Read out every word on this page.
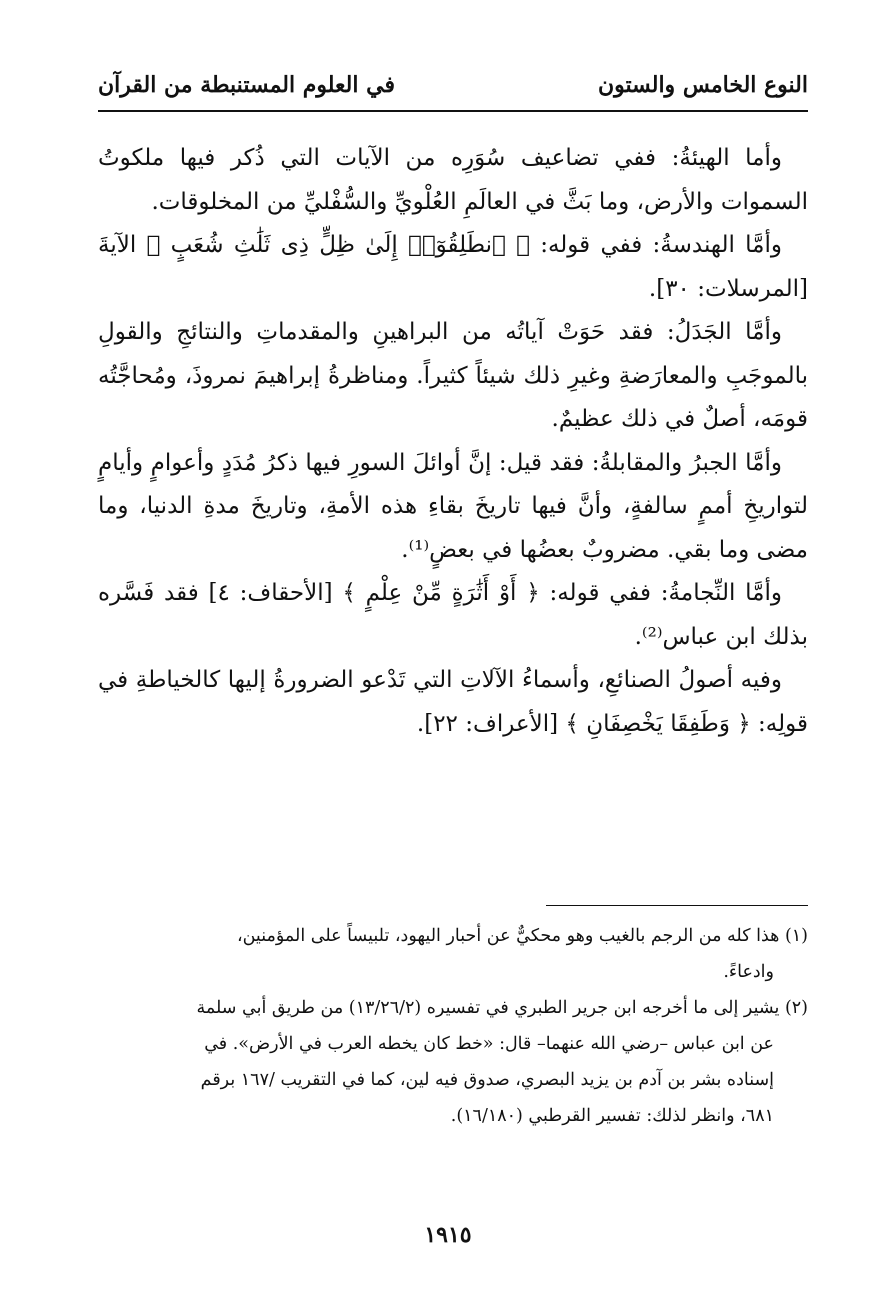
النوع الخامس والستون
في العلوم المستنبطة من القرآن

وأما الهيئةُ: ففي تضاعيف سُوَرِه من الآيات التي ذُكر فيها ملكوتُ السموات والأرض، وما بَثَّ في العالَمِ العُلْويِّ والسُّفْليِّ من المخلوقات.

وأمَّا الهندسةُ: ففي قوله: ﴿ ٱنطَلِقُوٓا۟ إِلَىٰ ظِلٍّ ذِى ثَلَٰثِ شُعَبٍ ﴾ الآيةَ [المرسلات: ٣٠].

وأمَّا الجَدَلُ: فقد حَوَتْ آياتُه من البراهينِ والمقدماتِ والنتائجِ والقولِ بالموجَبِ والمعارَضةِ وغيرِ ذلك شيئاً كثيراً. ومناظرةُ إبراهيمَ نمروذَ، ومُحاجَّتُه قومَه، أصلٌ في ذلك عظيمٌ.

وأمَّا الجبرُ والمقابلةُ: فقد قيل: إنَّ أوائلَ السورِ فيها ذكرُ مُدَدٍ وأعوامٍ وأيامٍ لتواريخِ أممٍ سالفةٍ، وأنَّ فيها تاريخَ بقاءِ هذه الأمةِ، وتاريخَ مدةِ الدنيا، وما مضى وما بقي. مضروبٌ بعضُها في بعضٍ⁽¹⁾.

وأمَّا النِّجامةُ: ففي قوله: ﴿ أَوْ أَثَٰرَةٍ مِّنْ عِلْمٍ ﴾ [الأحقاف: ٤] فقد فَسَّره بذلك ابن عباس⁽²⁾.

وفيه أصولُ الصنائعِ، وأسماءُ الآلاتِ التي تَدْعو الضرورةُ إليها كالخياطةِ في قولِه: ﴿ وَطَفِقَا يَخْصِفَانِ ﴾ [الأعراف: ٢٢].

(١) هذا كله من الرجم بالغيب وهو محكيٌّ عن أحبار اليهود، تلبيساً على المؤمنين،

وادعاءً.

(٢) يشير إلى ما أخرجه ابن جرير الطبري في تفسيره (١٣/٢٦/٢) من طريق أبي سلمة

عن ابن عباس –رضي الله عنهما– قال: «خط كان يخطه العرب في الأرض». في

إسناده بشر بن آدم بن يزيد البصري، صدوق فيه لين، كما في التقريب /١٦٧ برقم

٦٨١، وانظر لذلك: تفسير القرطبي (١٦/١٨٠).

١٩١٥
